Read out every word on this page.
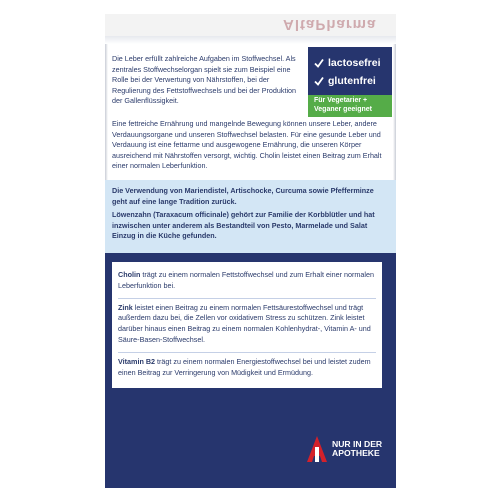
AltaPharma

Die Leber erfüllt zahlreiche Aufgaben im Stoffwechsel. Als zentrales Stoffwechselorgan spielt sie zum Beispiel eine Rolle bei der Verwertung von Nährstoffen, bei der Regulierung des Fettstoffwechsels und bei der Produktion der Gallenflüssigkeit.

Eine fettreiche Ernährung und mangelnde Bewegung können unsere Leber, andere Verdauungsorgane und unseren Stoffwechsel belasten. Für eine gesunde Leber und Verdauung ist eine fettarme und ausgewogene Ernährung, die unseren Körper ausreichend mit Nährstoffen versorgt, wichtig. Cholin leistet einen Beitrag zum Erhalt einer normalen Leberfunktion.

lactosefrei
glutenfrei
Für Vegetarier + Veganer geeignet

Die Verwendung von Mariendistel, Artischocke, Curcuma sowie Pfefferminze geht auf eine lange Tradition zurück.

Löwenzahn (Taraxacum officinale) gehört zur Familie der Korbblütler und hat inzwischen unter anderem als Bestandteil von Pesto, Marmelade und Salat Einzug in die Küche gefunden.

Cholin trägt zu einem normalen Fettstoffwechsel und zum Erhalt einer normalen Leberfunktion bei.
Zink leistet einen Beitrag zu einem normalen Fettsäurestoffwechsel und trägt außerdem dazu bei, die Zellen vor oxidativem Stress zu schützen. Zink leistet darüber hinaus einen Beitrag zu einem normalen Kohlenhydrat-, Vitamin A- und Säure-Basen-Stoffwechsel.
Vitamin B2 trägt zu einem normalen Energiestoffwechsel bei und leistet zudem einen Beitrag zur Verringerung von Müdigkeit und Ermüdung.
NUR IN DER
APOTHEKE
